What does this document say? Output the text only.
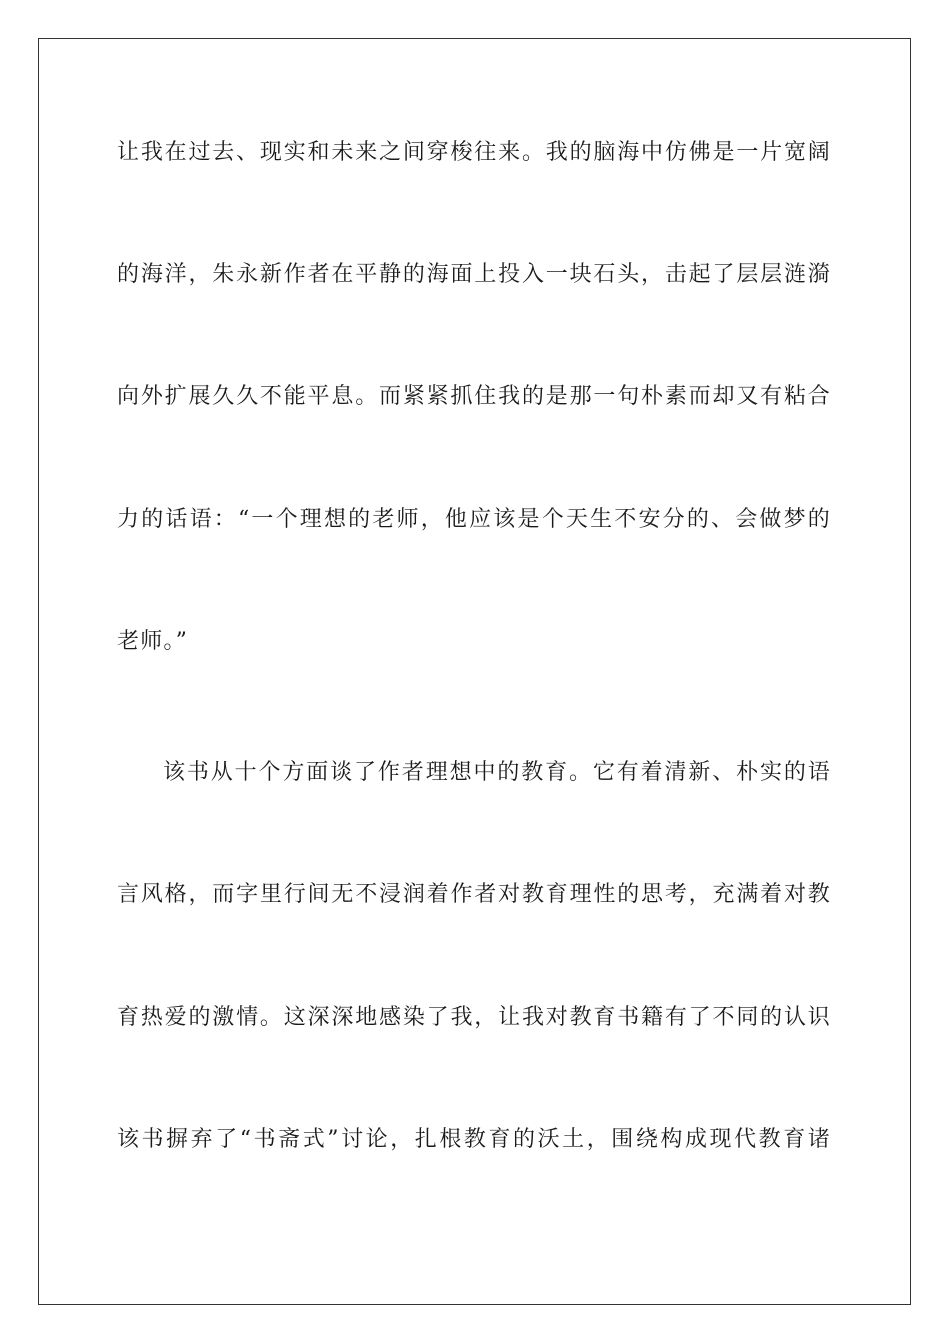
让我在过去、现实和未来之间穿梭往来。我的脑海中仿佛是一片宽阔
的海洋，朱永新作者在平静的海面上投入一块石头，击起了层层涟漪
向外扩展久久不能平息。而紧紧抓住我的是那一句朴素而却又有粘合
力的话语：“一个理想的老师，他应该是个天生不安分的、会做梦的
老师。”
该书从十个方面谈了作者理想中的教育。它有着清新、朴实的语
言风格，而字里行间无不浸润着作者对教育理性的思考，充满着对教
育热爱的激情。这深深地感染了我，让我对教育书籍有了不同的认识
该书摒弃了“书斋式”讨论，扎根教育的沃土，围绕构成现代教育诸
